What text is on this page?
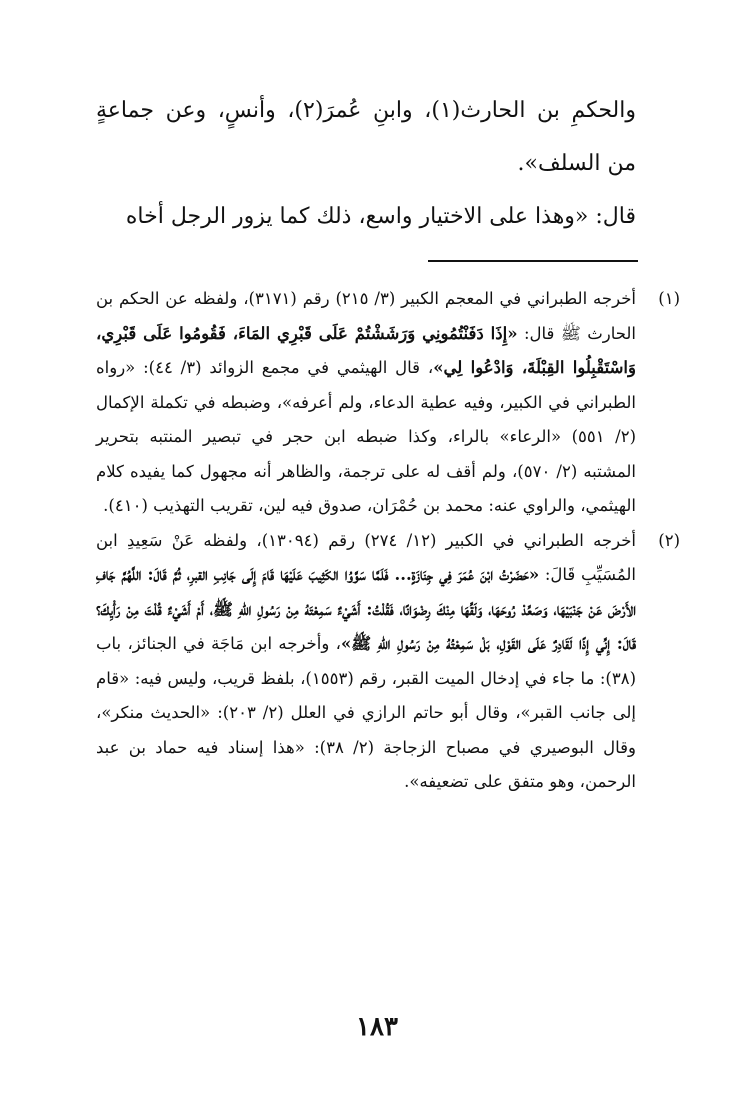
والحكمِ بن الحارث(١)، وابنِ عُمرَ(٢)، وأنسٍ، وعن جماعةٍ من السلف».

قال: «وهذا على الاختيار واسع، ذلك كما يزور الرجل أخاه

(١)
أخرجه الطبراني في المعجم الكبير (٣/ ٢١٥) رقم (٣١٧١)، ولفظه عن الحكم بن الحارث ﷺ قال: «إِذَا دَفَنْتُمُونِي وَرَشَشْتُمْ عَلَى قَبْرِي المَاءَ، فَقُومُوا عَلَى قَبْرِي، وَاسْتَقْبِلُوا القِبْلَةَ، وَادْعُوا لِي»، قال الهيثمي في مجمع الزوائد (٣/ ٤٤): «رواه الطبراني في الكبير، وفيه عطية الدعاء، ولم أعرفه»، وضبطه في تكملة الإكمال (٢/ ٥٥١) «الرعاء» بالراء، وكذا ضبطه ابن حجر في تبصير المنتبه بتحرير المشتبه (٢/ ٥٧٠)، ولم أقف له على ترجمة، والظاهر أنه مجهول كما يفيده كلام الهيثمي، والراوي عنه: محمد بن حُمْرَان، صدوق فيه لين، تقريب التهذيب (٤١٠).
(٢)
أخرجه الطبراني في الكبير (١٢/ ٢٧٤) رقم (١٣٠٩٤)، ولفظه عَنْ سَعِيدِ ابن المُسَيِّبِ قَالَ: «حَضَرْتُ ابْنَ عُمَرَ فِي جِنَازَةٍ... فَلَمَّا سَوَّوُا الكَثِيبَ عَلَيْهَا قَامَ إِلَى جَانِبِ القبرِ، ثُمَّ قَالَ: اللَّهُمَّ جَافِ الأَرْضَ عَنْ جَنْبَيْهَا، وَصَعِّدْ رُوحَهَا، وَلَقِّهَا مِنْكَ رِضْوَانًا، فَقُلْتُ: أَشَيْءٌ سَمِعْتَهُ مِنْ رَسُولِ اللهِ ﷺ، أَمْ أَشَيْءٌ قُلْتَ مِنْ رَأْيِكَ؟ قَالَ: إِنِّي إِذًا لَقَادِرٌ عَلَى القَوْلِ، بَلْ سَمِعْتُهُ مِنْ رَسُولِ اللهِ ﷺ»، وأخرجه ابن مَاجَة في الجنائز، باب (٣٨): ما جاء في إدخال الميت القبر، رقم (١٥٥٣)، بلفظ قريب، وليس فيه: «قام إلى جانب القبر»، وقال أبو حاتم الرازي في العلل (٢/ ٢٠٣): «الحديث منكر»، وقال البوصيري في مصباح الزجاجة (٢/ ٣٨): «هذا إسناد فيه حماد بن عبد الرحمن، وهو متفق على تضعيفه».
١٨٣
